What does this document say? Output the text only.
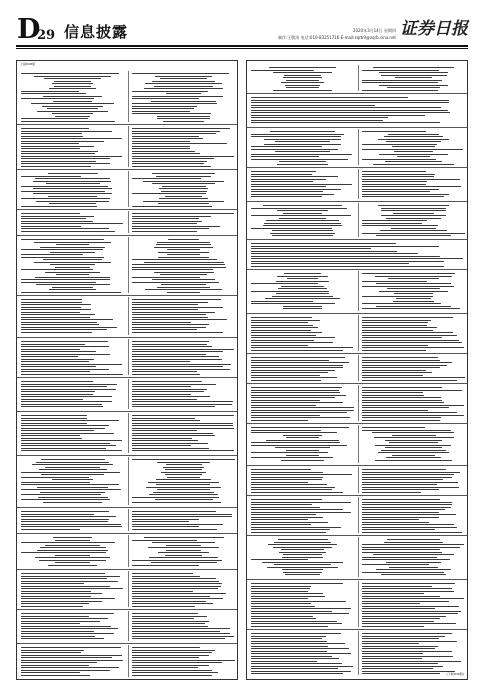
D
29 信息披露	2020年3月14日 星期四
制作:王敬涛 电话:010-83251716 E-mail:zqrb9@zqrb.sina.net 证券日报
上接D28版
(下转D30版)
